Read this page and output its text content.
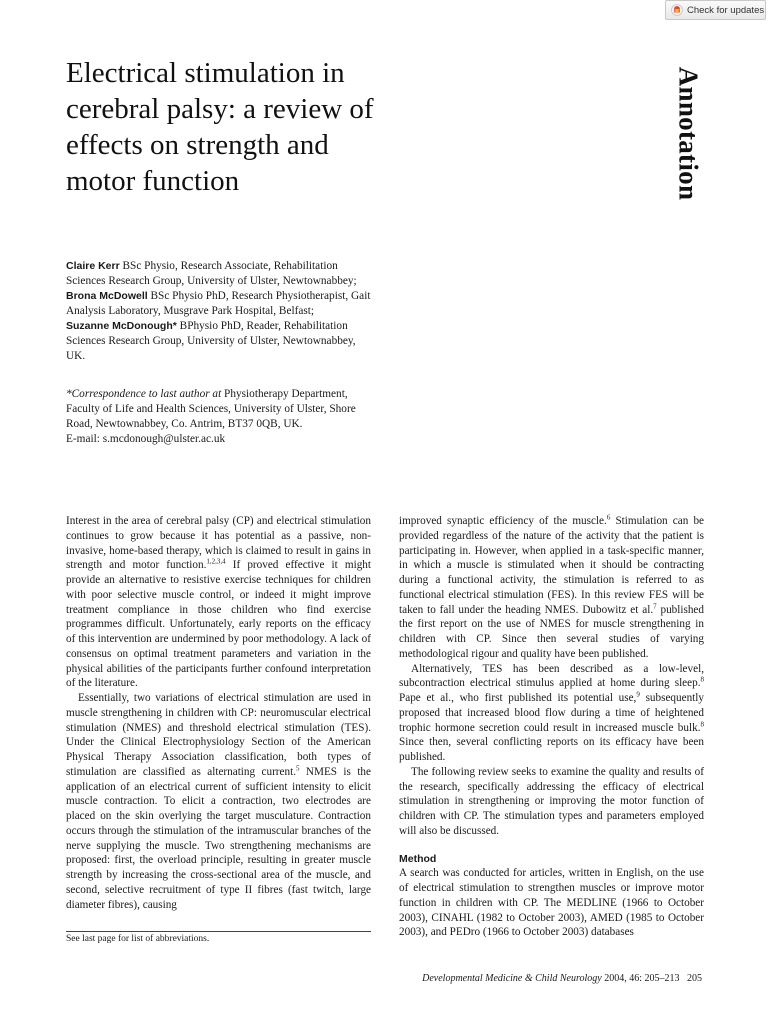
Check for updates
Electrical stimulation in cerebral palsy: a review of effects on strength and motor function	Annotation
Claire Kerr BSc Physio, Research Associate, Rehabilitation Sciences Research Group, University of Ulster, Newtownabbey;
Brona McDowell BSc Physio PhD, Research Physiotherapist, Gait Analysis Laboratory, Musgrave Park Hospital, Belfast;
Suzanne McDonough* BPhysio PhD, Reader, Rehabilitation Sciences Research Group, University of Ulster, Newtownabbey, UK.
*Correspondence to last author at Physiotherapy Department, Faculty of Life and Health Sciences, University of Ulster, Shore Road, Newtownabbey, Co. Antrim, BT37 0QB, UK.
E-mail: s.mcdonough@ulster.ac.uk

Interest in the area of cerebral palsy (CP) and electrical stimulation continues to grow because it has potential as a passive, non-invasive, home-based therapy, which is claimed to result in gains in strength and motor function.$^{1,2,3,4}$ If proved effective it might provide an alternative to resistive exercise techniques for children with poor selective muscle control, or indeed it might improve treatment compliance in those children who find exercise programmes difficult. Unfortunately, early reports on the efficacy of this intervention are undermined by poor methodology. A lack of consensus on optimal treatment parameters and variation in the physical abilities of the participants further confound interpretation of the literature.

Essentially, two variations of electrical stimulation are used in muscle strengthening in children with CP: neuromuscular electrical stimulation (NMES) and threshold electrical stimulation (TES). Under the Clinical Electrophysiology Section of the American Physical Therapy Association classification, both types of stimulation are classified as alternating current.$^5$ NMES is the application of an electrical current of sufficient intensity to elicit muscle contraction. To elicit a contraction, two electrodes are placed on the skin overlying the target musculature. Contraction occurs through the stimulation of the intramuscular branches of the nerve supplying the muscle. Two strengthening mechanisms are proposed: first, the overload principle, resulting in greater muscle strength by increasing the cross-sectional area of the muscle, and second, selective recruitment of type II fibres (fast twitch, large diameter fibres), causing

improved synaptic efficiency of the muscle.$^6$ Stimulation can be provided regardless of the nature of the activity that the patient is participating in. However, when applied in a task-specific manner, in which a muscle is stimulated when it should be contracting during a functional activity, the stimulation is referred to as functional electrical stimulation (FES). In this review FES will be taken to fall under the heading NMES. Dubowitz et al.$^7$ published the first report on the use of NMES for muscle strengthening in children with CP. Since then several studies of varying methodological rigour and quality have been published.

Alternatively, TES has been described as a low-level, subcontraction electrical stimulus applied at home during sleep.$^8$ Pape et al., who first published its potential use,$^9$ subsequently proposed that increased blood flow during a time of heightened trophic hormone secretion could result in increased muscle bulk.$^8$ Since then, several conflicting reports on its efficacy have been published.

The following review seeks to examine the quality and results of the research, specifically addressing the efficacy of electrical stimulation in strengthening or improving the motor function of children with CP. The stimulation types and parameters employed will also be discussed.

Method

A search was conducted for articles, written in English, on the use of electrical stimulation to strengthen muscles or improve motor function in children with CP. The MEDLINE (1966 to October 2003), CINAHL (1982 to October 2003), AMED (1985 to October 2003), and PEDro (1966 to October 2003) databases

See last page for list of abbreviations.
Developmental Medicine & Child Neurology 2004, 46: 205–213 205
